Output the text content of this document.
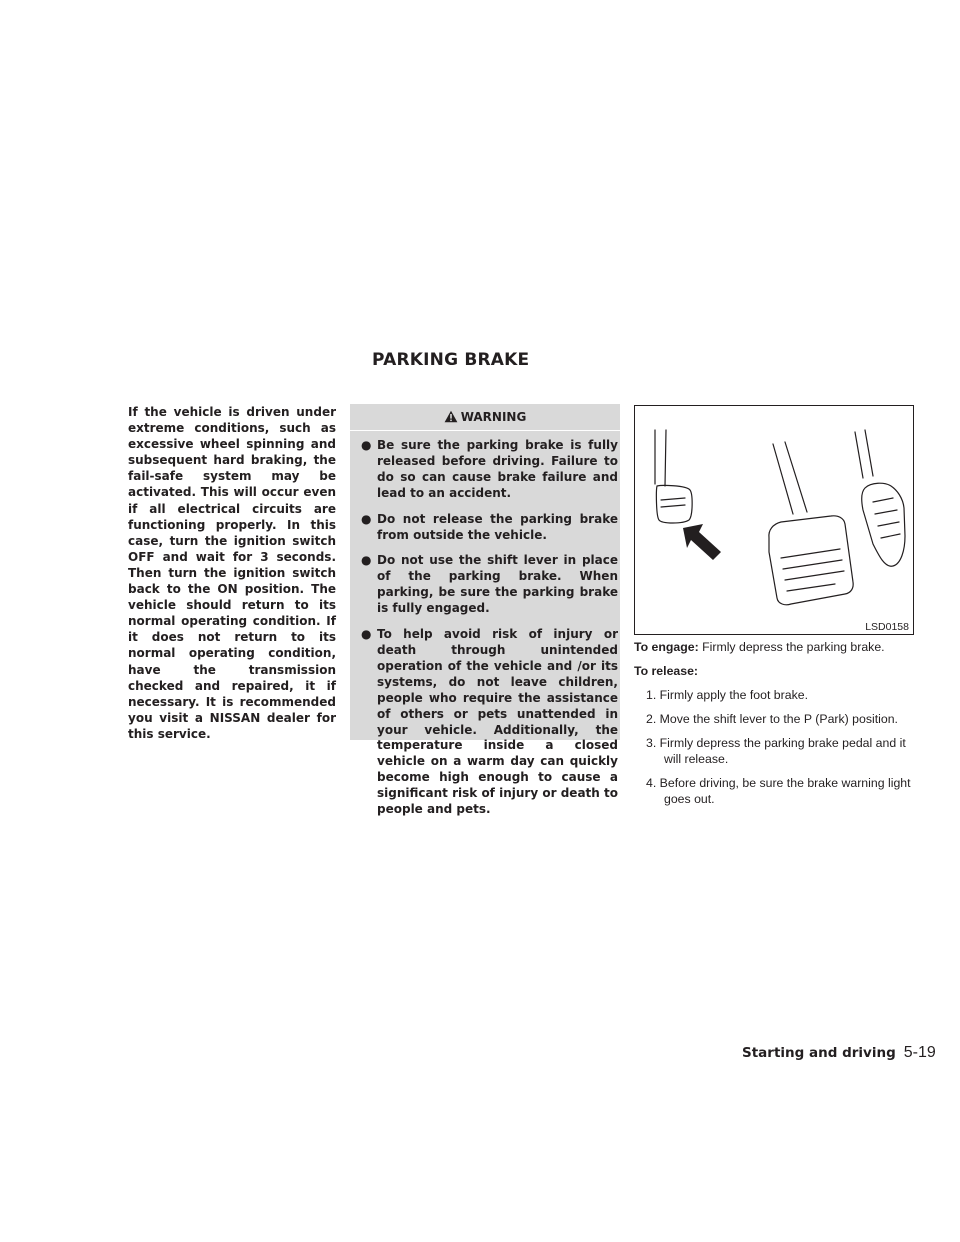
PARKING BRAKE
If the vehicle is driven under extreme conditions, such as excessive wheel spinning and subsequent hard braking, the fail-safe system may be activated. This will occur even if all electrical circuits are functioning properly. In this case, turn the ignition switch OFF and wait for 3 seconds. Then turn the ignition switch back to the ON position. The vehicle should return to its normal operating condition. If it does not return to its normal operating condition, have the transmission checked and repaired, it if necessary. It is recommended you visit a NISSAN dealer for this service.
WARNING
● Be sure the parking brake is fully released before driving. Failure to do so can cause brake failure and lead to an accident.
● Do not release the parking brake from outside the vehicle.
● Do not use the shift lever in place of the parking brake. When parking, be sure the parking brake is fully engaged.
● To help avoid risk of injury or death through unintended operation of the vehicle and /or its systems, do not leave children, people who require the assistance of others or pets unattended in your vehicle. Additionally, the temperature inside a closed vehicle on a warm day can quickly become high enough to cause a significant risk of injury or death to people and pets.
LSD0158

To engage: Firmly depress the parking brake.

To release:

1. Firmly apply the foot brake.
2. Move the shift lever to the P (Park) position.
3. Firmly depress the parking brake pedal and it will release.
4. Before driving, be sure the brake warning light goes out.
Starting and driving 5-19
